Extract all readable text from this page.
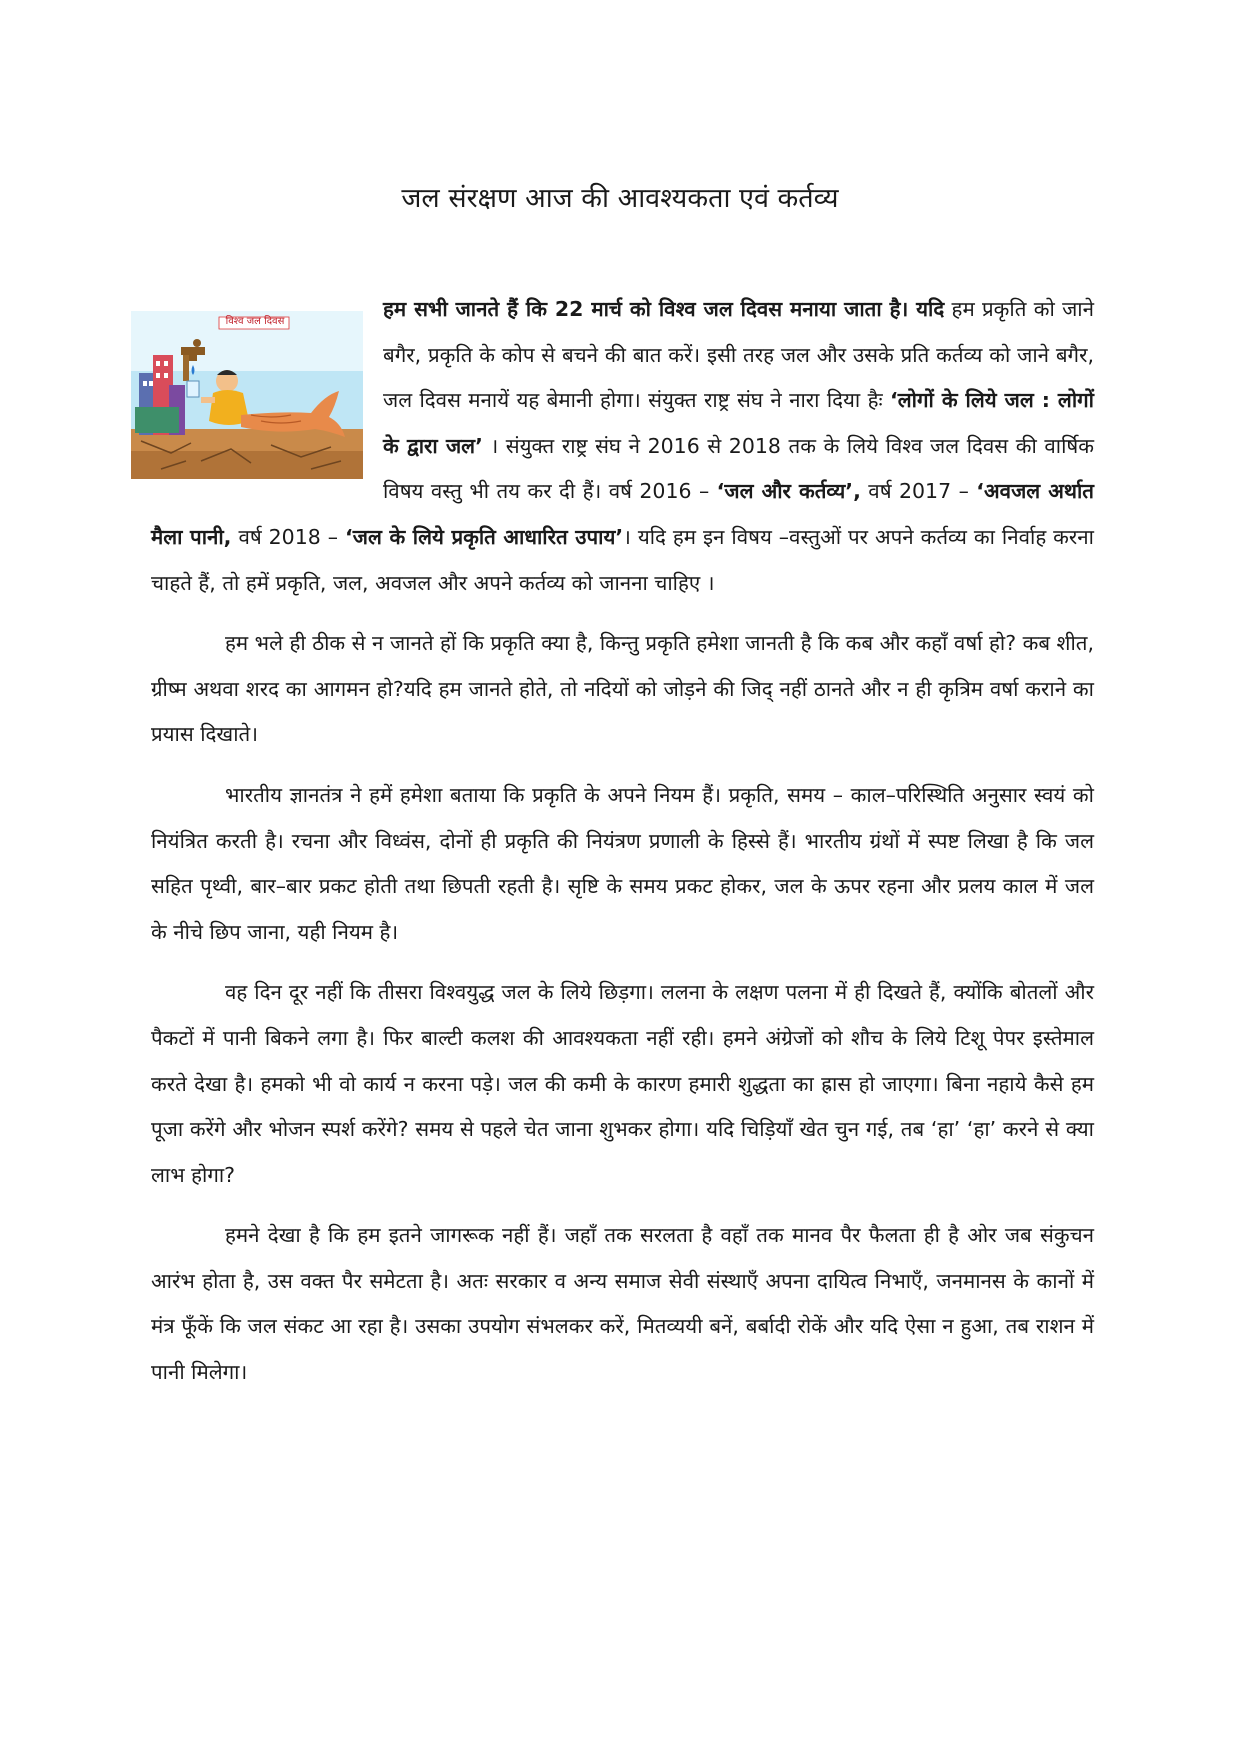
जल संरक्षण आज की आवश्यकता एवं कर्तव्य

विश्व जल दिवस
हम सभी जानते हैं कि 22 मार्च को विश्व जल दिवस मनाया जाता है। यदि हम प्रकृति को जाने बगैर, प्रकृति के कोप से बचने की बात करें। इसी तरह जल और उसके प्रति कर्तव्य को जाने बगैर, जल दिवस मनायें यह बेमानी होगा। संयुक्त राष्ट्र संघ ने नारा दिया हैः ‘लोगों के लिये जल : लोगों के द्वारा जल’ । संयुक्त राष्ट्र संघ ने 2016 से 2018 तक के लिये विश्व जल दिवस की वार्षिक विषय वस्तु भी तय कर दी हैं। वर्ष 2016 – ‘जल और कर्तव्य’, वर्ष 2017 – ‘अवजल अर्थात मैला पानी, वर्ष 2018 – ‘जल के लिये प्रकृति आधारित उपाय’। यदि हम इन विषय –वस्तुओं पर अपने कर्तव्य का निर्वाह करना चाहते हैं, तो हमें प्रकृति, जल, अवजल और अपने कर्तव्य को जानना चाहिए ।

हम भले ही ठीक से न जानते हों कि प्रकृति क्या है, किन्तु प्रकृति हमेशा जानती है कि कब और कहाँ वर्षा हो? कब शीत, ग्रीष्म अथवा शरद का आगमन हो?यदि हम जानते होते, तो नदियों को जोड़ने की जिद् नहीं ठानते और न ही कृत्रिम वर्षा कराने का प्रयास दिखाते।

भारतीय ज्ञानतंत्र ने हमें हमेशा बताया कि प्रकृति के अपने नियम हैं। प्रकृति, समय – काल–परिस्थिति अनुसार स्वयं को नियंत्रित करती है। रचना और विध्वंस, दोनों ही प्रकृति की नियंत्रण प्रणाली के हिस्से हैं। भारतीय ग्रंथों में स्पष्ट लिखा है कि जल सहित पृथ्वी, बार–बार प्रकट होती तथा छिपती रहती है। सृष्टि के समय प्रकट होकर, जल के ऊपर रहना और प्रलय काल में जल के नीचे छिप जाना, यही नियम है।

वह दिन दूर नहीं कि तीसरा विश्वयुद्ध जल के लिये छिड़गा। ललना के लक्षण पलना में ही दिखते हैं, क्योंकि बोतलों और पैकटों में पानी बिकने लगा है। फिर बाल्टी कलश की आवश्यकता नहीं रही। हमने अंग्रेजों को शौच के लिये टिशू पेपर इस्तेमाल करते देखा है। हमको भी वो कार्य न करना पड़े। जल की कमी के कारण हमारी शुद्धता का ह्रास हो जाएगा। बिना नहाये कैसे हम पूजा करेंगे और भोजन स्पर्श करेंगे? समय से पहले चेत जाना शुभकर होगा। यदि चिड़ियाँ खेत चुन गई, तब ‘हा’ ‘हा’ करने से क्या लाभ होगा?

हमने देखा है कि हम इतने जागरूक नहीं हैं। जहाँ तक सरलता है वहाँ तक मानव पैर फैलता ही है ओर जब संकुचन आरंभ होता है, उस वक्त पैर समेटता है। अतः सरकार व अन्य समाज सेवी संस्थाएँ अपना दायित्व निभाएँ, जनमानस के कानों में मंत्र फूँकें कि जल संकट आ रहा है। उसका उपयोग संभलकर करें, मितव्ययी बनें, बर्बादी रोकें और यदि ऐसा न हुआ, तब राशन में पानी मिलेगा।
